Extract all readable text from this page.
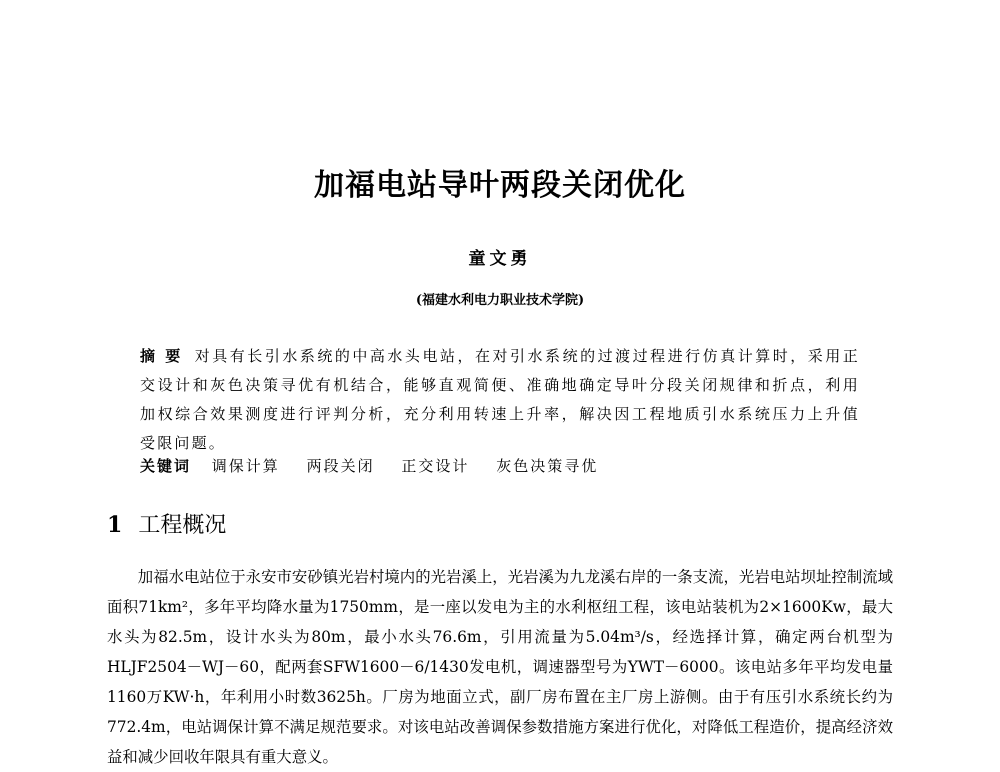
加福电站导叶两段关闭优化
童文勇
(福建水利电力职业技术学院)
摘 要 对具有长引水系统的中高水头电站，在对引水系统的过渡过程进行仿真计算时，采用正交设计和灰色决策寻优有机结合，能够直观简便、准确地确定导叶分段关闭规律和折点，利用加权综合效果测度进行评判分析，充分利用转速上升率，解决因工程地质引水系统压力上升值受限问题。
关键词 调保计算 两段关闭 正交设计 灰色决策寻优
1 工程概况
加福水电站位于永安市安砂镇光岩村境内的光岩溪上，光岩溪为九龙溪右岸的一条支流，光岩电站坝址控制流域面积71km²，多年平均降水量为1750mm，是一座以发电为主的水利枢纽工程，该电站装机为2×1600Kw，最大水头为82.5m，设计水头为80m，最小水头76.6m，引用流量为5.04m³/s，经选择计算，确定两台机型为HLJF2504－WJ－60，配两套SFW1600－6/1430发电机，调速器型号为YWT－6000。该电站多年平均发电量1160万KW·h，年利用小时数3625h。厂房为地面立式，副厂房布置在主厂房上游侧。由于有压引水系统长约为772.4m，电站调保计算不满足规范要求。对该电站改善调保参数措施方案进行优化，对降低工程造价，提高经济效益和减少回收年限具有重大意义。
